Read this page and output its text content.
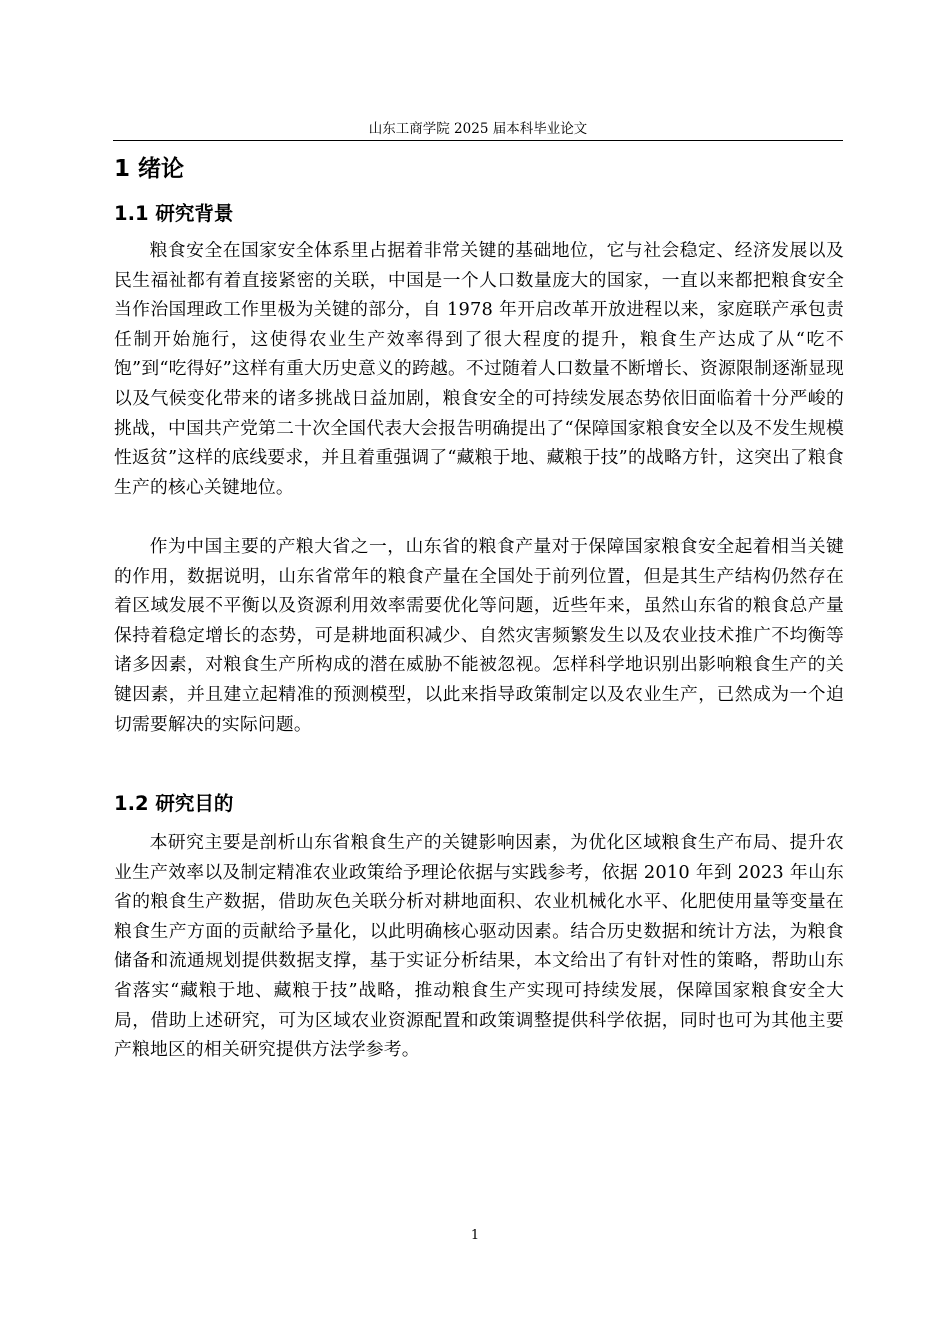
山东工商学院 2025 届本科毕业论文
1 绪论
1.1 研究背景

粮食安全在国家安全体系里占据着非常关键的基础地位，它与社会稳定、经济发展以及民生福祉都有着直接紧密的关联，中国是一个人口数量庞大的国家，一直以来都把粮食安全当作治国理政工作里极为关键的部分，自 1978 年开启改革开放进程以来，家庭联产承包责任制开始施行，这使得农业生产效率得到了很大程度的提升，粮食生产达成了从“吃不饱”到“吃得好”这样有重大历史意义的跨越。不过随着人口数量不断增长、资源限制逐渐显现以及气候变化带来的诸多挑战日益加剧，粮食安全的可持续发展态势依旧面临着十分严峻的挑战，中国共产党第二十次全国代表大会报告明确提出了“保障国家粮食安全以及不发生规模性返贫”这样的底线要求，并且着重强调了“藏粮于地、藏粮于技”的战略方针，这突出了粮食生产的核心关键地位。

作为中国主要的产粮大省之一，山东省的粮食产量对于保障国家粮食安全起着相当关键的作用，数据说明，山东省常年的粮食产量在全国处于前列位置，但是其生产结构仍然存在着区域发展不平衡以及资源利用效率需要优化等问题，近些年来，虽然山东省的粮食总产量保持着稳定增长的态势，可是耕地面积减少、自然灾害频繁发生以及农业技术推广不均衡等诸多因素，对粮食生产所构成的潜在威胁不能被忽视。怎样科学地识别出影响粮食生产的关键因素，并且建立起精准的预测模型，以此来指导政策制定以及农业生产，已然成为一个迫切需要解决的实际问题。

1.2 研究目的

本研究主要是剖析山东省粮食生产的关键影响因素，为优化区域粮食生产布局、提升农业生产效率以及制定精准农业政策给予理论依据与实践参考，依据 2010 年到 2023 年山东省的粮食生产数据，借助灰色关联分析对耕地面积、农业机械化水平、化肥使用量等变量在粮食生产方面的贡献给予量化，以此明确核心驱动因素。结合历史数据和统计方法，为粮食储备和流通规划提供数据支撑，基于实证分析结果，本文给出了有针对性的策略，帮助山东省落实“藏粮于地、藏粮于技”战略，推动粮食生产实现可持续发展，保障国家粮食安全大局，借助上述研究，可为区域农业资源配置和政策调整提供科学依据，同时也可为其他主要产粮地区的相关研究提供方法学参考。

1
